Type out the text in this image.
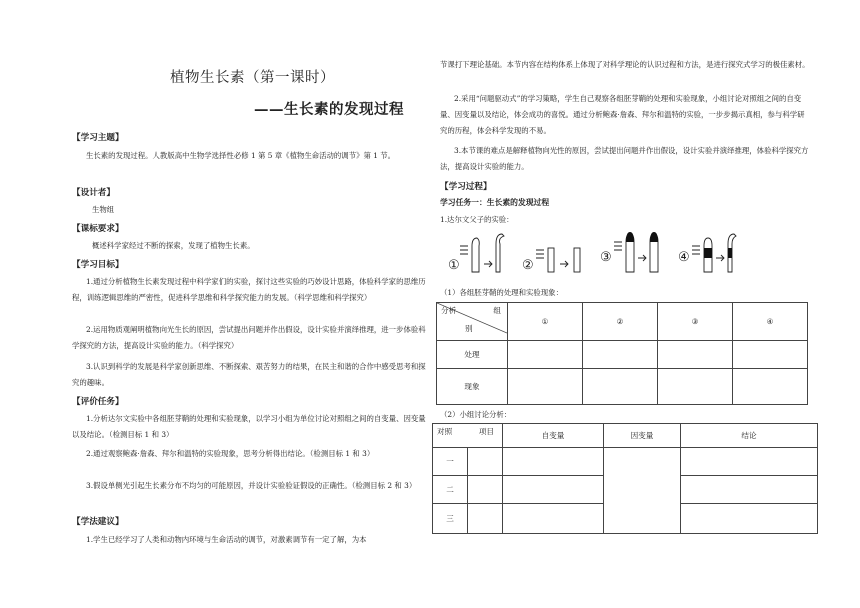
植物生长素（第一课时）
——生长素的发现过程
【学习主题】
生长素的发现过程。人教版高中生物学选择性必修 1 第 5 章《植物生命活动的调节》第 1 节。
【设计者】
生物组
【课标要求】
概述科学家经过不断的探索，发现了植物生长素。
【学习目标】
1.通过分析植物生长素发现过程中科学家们的实验，探讨这些实验的巧妙设计思路，体验科学家的思维历程，训练逻辑思维的严密性，促进科学思维和科学探究能力的发展。（科学思维和科学探究）
2.运用物质观阐明植物向光生长的原因，尝试提出问题并作出假设，设计实验并演绎推理，进一步体验科学探究的方法，提高设计实验的能力。（科学探究）
3.认识到科学的发展是科学家创新思维、不断探索、艰苦努力的结果，在民主和谐的合作中感受思考和探究的趣味。
【评价任务】
1.分析达尔文实验中各组胚芽鞘的处理和实验现象，以学习小组为单位讨论对照组之间的自变量、因变量以及结论。（检测目标 1 和 3）
2.通过观察鲍森·詹森、拜尔和温特的实验现象，思考分析得出结论。（检测目标 1 和 3）
3.假设单侧光引起生长素分布不均匀的可能原因，并设计实验验证假设的正确性。（检测目标 2 和 3）
【学法建议】
1.学生已经学习了人类和动物内环境与生命活动的调节，对激素调节有一定了解，为本
节课打下理论基础。本节内容在结构体系上体现了对科学理论的认识过程和方法，是进行探究式学习的极佳素材。
2.采用“问题驱动式”的学习策略，学生自己观察各组胚芽鞘的处理和实验现象，小组讨论对照组之间的自变量、因变量以及结论，体会成功的喜悦。通过分析鲍森·詹森、拜尔和温特的实验，一步步揭示真相，参与科学研究的历程，体会科学发现的不易。
3.本节课的难点是解释植物向光性的原因，尝试提出问题并作出假设，设计实验并演绎推理，体验科学探究方法，提高设计实验的能力。
【学习过程】
学习任务一：生长素的发现过程
1.达尔文父子的实验：
①	②
③	④
（1）各组胚芽鞘的处理和实验现象：
分析 组
别	①	②	③	④
处理				
现象				
（2）小组讨论分析：
对照 项目		自变量	因变量	结论
一				
二				
三				
